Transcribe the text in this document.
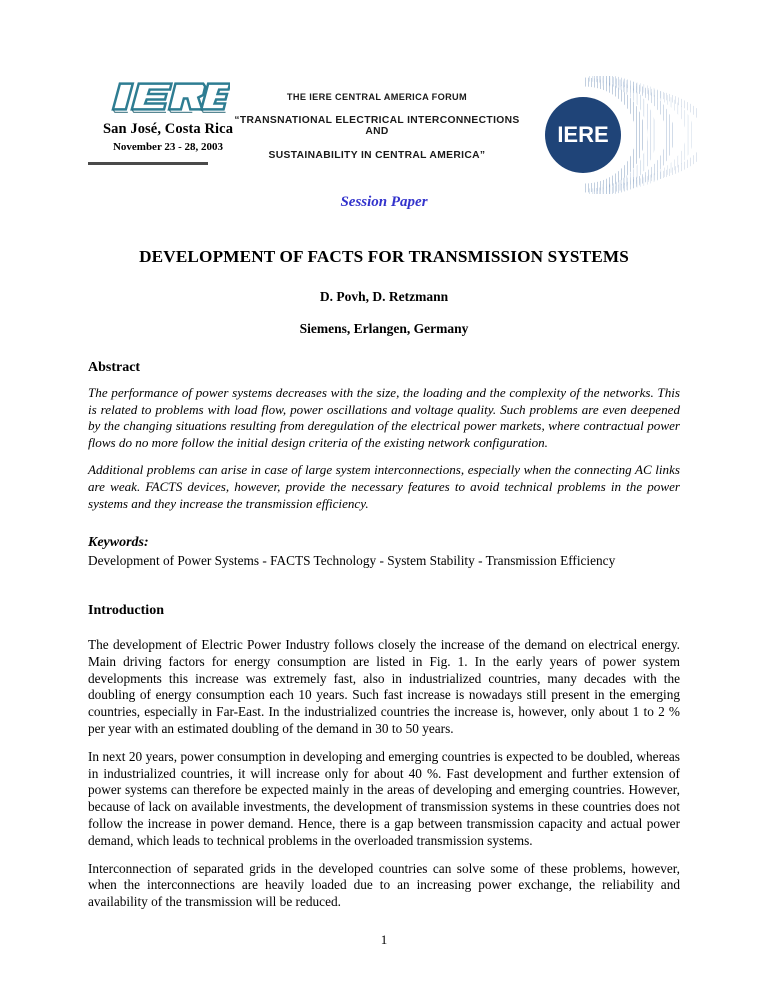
San José, Costa Rica
November 23 - 28, 2003
THE IERE CENTRAL AMERICA FORUM
“TRANSNATIONAL ELECTRICAL INTERCONNECTIONS AND
SUSTAINABILITY IN CENTRAL AMERICA”
IERE
Session Paper
DEVELOPMENT OF FACTS FOR TRANSMISSION SYSTEMS
D. Povh, D. Retzmann
Siemens, Erlangen, Germany
Abstract

The performance of power systems decreases with the size, the loading and the complexity of the networks. This is related to problems with load flow, power oscillations and voltage quality. Such problems are even deepened by the changing situations resulting from deregulation of the electrical power markets, where contractual power flows do no more follow the initial design criteria of the existing network configuration.

Additional problems can arise in case of large system interconnections, especially when the connecting AC links are weak. FACTS devices, however, provide the necessary features to avoid technical problems in the power systems and they increase the transmission efficiency.

Keywords:
Development of Power Systems - FACTS Technology - System Stability - Transmission Efficiency
Introduction

The development of Electric Power Industry follows closely the increase of the demand on electrical energy. Main driving factors for energy consumption are listed in Fig. 1. In the early years of power system developments this increase was extremely fast, also in industrialized countries, many decades with the doubling of energy consumption each 10 years. Such fast increase is nowadays still present in the emerging countries, especially in Far-East. In the industrialized countries the increase is, however, only about 1 to 2 % per year with an estimated doubling of the demand in 30 to 50 years.

In next 20 years, power consumption in developing and emerging countries is expected to be doubled, whereas in industrialized countries, it will increase only for about 40 %. Fast development and further extension of power systems can therefore be expected mainly in the areas of developing and emerging countries. However, because of lack on available investments, the development of transmission systems in these countries does not follow the increase in power demand. Hence, there is a gap between transmission capacity and actual power demand, which leads to technical problems in the overloaded transmission systems.

Interconnection of separated grids in the developed countries can solve some of these problems, however, when the interconnections are heavily loaded due to an increasing power exchange, the reliability and availability of the transmission will be reduced.

1
